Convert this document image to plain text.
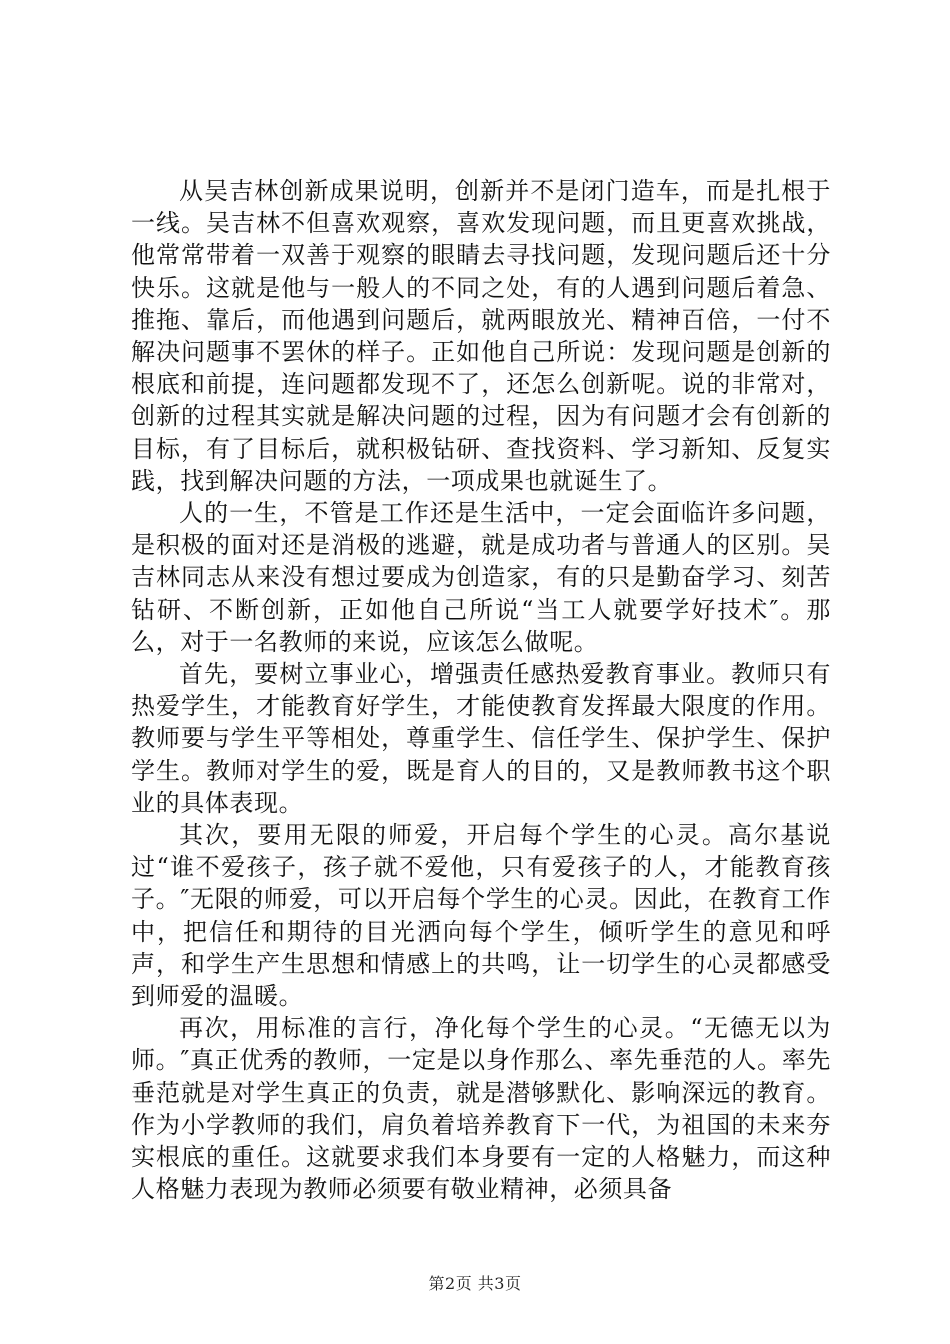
从吴吉林创新成果说明，创新并不是闭门造车，而是扎根于一线。吴吉林不但喜欢观察，喜欢发现问题，而且更喜欢挑战，他常常带着一双善于观察的眼睛去寻找问题，发现问题后还十分快乐。这就是他与一般人的不同之处，有的人遇到问题后着急、推拖、靠后，而他遇到问题后，就两眼放光、精神百倍，一付不解决问题事不罢休的样子。正如他自己所说：发现问题是创新的根底和前提，连问题都发现不了，还怎么创新呢。说的非常对，创新的过程其实就是解决问题的过程，因为有问题才会有创新的目标，有了目标后，就积极钻研、查找资料、学习新知、反复实践，找到解决问题的方法，一项成果也就诞生了。

人的一生，不管是工作还是生活中，一定会面临许多问题，是积极的面对还是消极的逃避，就是成功者与普通人的区别。吴吉林同志从来没有想过要成为创造家，有的只是勤奋学习、刻苦钻研、不断创新，正如他自己所说“当工人就要学好技术″。那么，对于一名教师的来说，应该怎么做呢。

首先，要树立事业心，增强责任感热爱教育事业。教师只有热爱学生，才能教育好学生，才能使教育发挥最大限度的作用。教师要与学生平等相处，尊重学生、信任学生、保护学生、保护学生。教师对学生的爱，既是育人的目的，又是教师教书这个职业的具体表现。

其次，要用无限的师爱，开启每个学生的心灵。高尔基说过“谁不爱孩子，孩子就不爱他，只有爱孩子的人，才能教育孩子。″无限的师爱，可以开启每个学生的心灵。因此，在教育工作中，把信任和期待的目光洒向每个学生，倾听学生的意见和呼声，和学生产生思想和情感上的共鸣，让一切学生的心灵都感受到师爱的温暖。

再次，用标准的言行，净化每个学生的心灵。“无德无以为师。″真正优秀的教师，一定是以身作那么、率先垂范的人。率先垂范就是对学生真正的负责，就是潜够默化、影响深远的教育。作为小学教师的我们，肩负着培养教育下一代，为祖国的未来夯实根底的重任。这就要求我们本身要有一定的人格魅力，而这种人格魅力表现为教师必须要有敬业精神，必须具备

第2页 共3页
